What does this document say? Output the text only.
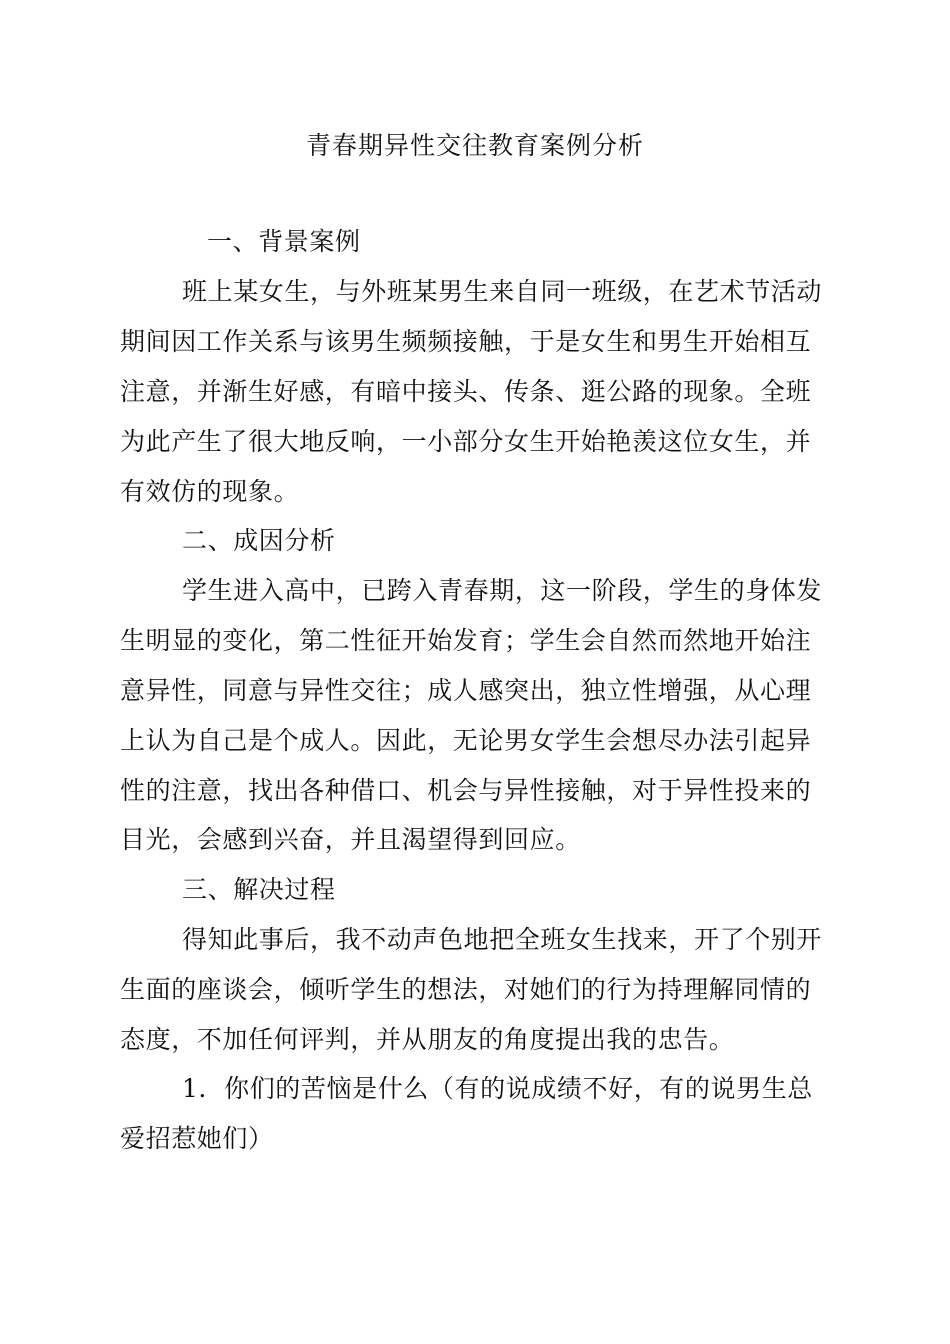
青春期异性交往教育案例分析
一、背景案例
班上某女生，与外班某男生来自同一班级，在艺术节活动
期间因工作关系与该男生频频接触，于是女生和男生开始相互
注意，并渐生好感，有暗中接头、传条、逛公路的现象。全班
为此产生了很大地反响，一小部分女生开始艳羡这位女生，并
有效仿的现象。
二、成因分析
学生进入高中，已跨入青春期，这一阶段，学生的身体发
生明显的变化，第二性征开始发育；学生会自然而然地开始注
意异性，同意与异性交往；成人感突出，独立性增强，从心理
上认为自己是个成人。因此，无论男女学生会想尽办法引起异
性的注意，找出各种借口、机会与异性接触，对于异性投来的
目光，会感到兴奋，并且渴望得到回应。
三、解决过程
得知此事后，我不动声色地把全班女生找来，开了个别开
生面的座谈会，倾听学生的想法，对她们的行为持理解同情的
态度，不加任何评判，并从朋友的角度提出我的忠告。
1．你们的苦恼是什么（有的说成绩不好，有的说男生总
爱招惹她们）
